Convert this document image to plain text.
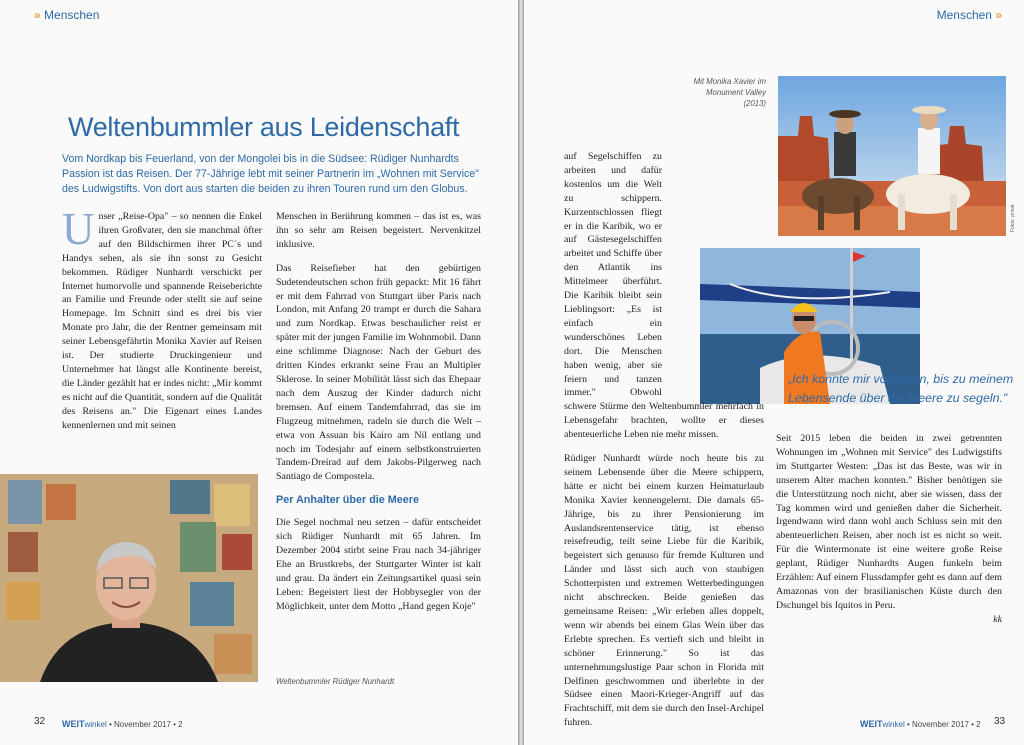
» Menschen
Weltenbummler aus Leidenschaft
Vom Nordkap bis Feuerland, von der Mongolei bis in die Südsee: Rüdiger Nunhardts Passion ist das Reisen. Der 77-Jährige lebt mit seiner Partnerin im „Wohnen mit Service" des Ludwigstifts. Von dort aus starten die beiden zu ihren Touren rund um den Globus.

Unser „Reise-Opa" – so nennen die Enkel ihren Großvater, den sie manchmal öfter auf den Bildschirmen ihrer PC´s und Handys sehen, als sie ihn sonst zu Gesicht bekommen. Rüdiger Nunhardt verschickt per Internet humorvolle und spannende Reiseberichte an Familie und Freunde oder stellt sie auf seine Homepage. Im Schnitt sind es drei bis vier Monate pro Jahr, die der Rentner gemeinsam mit seiner Lebensgefährtin Monika Xavier auf Reisen ist. Der studierte Druckingenieur und Unternehmer hat längst alle Kontinente bereist, die Länder gezählt hat er indes nicht: „Mir kommt es nicht auf die Quantität, sondern auf die Qualität des Reisens an." Die Eigenart eines Landes kennenlernen und mit seinen

Menschen in Berührung kommen – das ist es, was ihn so sehr am Reisen begeistert. Nervenkitzel inklusive.

Das Reisefieber hat den gebürtigen Sudetendeutschen schon früh gepackt: Mit 16 fährt er mit dem Fahrrad von Stuttgart über Paris nach London, mit Anfang 20 trampt er durch die Sahara und zum Nordkap. Etwas beschaulicher reist er später mit der jungen Familie im Wohnmobil. Dann eine schlimme Diagnose: Nach der Geburt des dritten Kindes erkrankt seine Frau an Multipler Sklerose. In seiner Mobilität lässt sich das Ehepaar nach dem Auszug der Kinder dadurch nicht bremsen. Auf einem Tandemfahrrad, das sie im Flugzeug mitnehmen, radeln sie durch die Welt – etwa von Assuan bis Kairo am Nil entlang und noch im Todesjahr auf einem selbstkonstruierten Tandem-Dreirad auf dem Jakobs-Pilgerweg nach Santiago de Compostela.

Per Anhalter über die Meere

Die Segel nochmal neu setzen – dafür entscheidet sich Rüdiger Nunhardt mit 65 Jahren. Im Dezember 2004 stirbt seine Frau nach 34-jähriger Ehe an Brustkrebs, der Stuttgarter Winter ist kalt und grau. Da ändert ein Zeitungsartikel quasi sein Leben: Begeistert liest der Hobbysegler von der Möglichkeit, unter dem Motto „Hand gegen Koje"

Weltenbummler Rüdiger Nunhardt
32 WEITwinkel • November 2017 • 2
Menschen »
Mit Monika Xavier im Monument Valley (2013)
Fotos: privat

auf Segelschiffen zu arbeiten und dafür kostenlos um die Welt zu schippern. Kurzentschlossen fliegt er in die Karibik, wo er auf Gästesegelschiffen arbeitet und Schiffe über den Atlantik ins Mittelmeer überführt. Die Karibik bleibt sein Lieblingsort: „Es ist einfach ein wunderschönes Leben dort. Die Menschen haben wenig, aber sie feiern und tanzen immer." Obwohl schwere Stürme den Weltenbummler mehrfach in Lebensgefahr brachten, wollte er dieses abenteuerliche Leben nie mehr missen.

Rüdiger Nunhardt würde noch heute bis zu seinem Lebensende über die Meere schippern, hätte er nicht bei einem kurzen Heimaturlaub Monika Xavier kennengelernt. Die damals 65-Jährige, bis zu ihrer Pensionierung im Auslandsrentenservice tätig, ist ebenso reisefreudig, teilt seine Liebe für die Karibik, begeistert sich genauso für fremde Kulturen und Länder und lässt sich auch von staubigen Schotterpisten und extremen Wetterbedingungen nicht abschrecken. Beide genießen das gemeinsame Reisen: „Wir erleben alles doppelt, wenn wir abends bei einem Glas Wein über das Erlebte sprechen. Es vertieft sich und bleibt in schöner Erinnerung." So ist das unternehmungslustige Paar schon in Florida mit Delfinen geschwommen und überlebte in der Südsee einen Maori-Krieger-Angriff auf das Frachtschiff, mit dem sie durch den Insel-Archipel fuhren.

„Ich konnte mir vorstellen, bis zu meinem Lebensende über die Meere zu segeln."

Seit 2015 leben die beiden in zwei getrennten Wohnungen im „Wohnen mit Service" des Ludwigstifts im Stuttgarter Westen: „Das ist das Beste, was wir in unserem Alter machen konnten." Bisher benötigen sie die Unterstützung noch nicht, aber sie wissen, dass der Tag kommen wird und genießen daher die Sicherheit. Irgendwann wird dann wohl auch Schluss sein mit den abenteuerlichen Reisen, aber noch ist es nicht so weit. Für die Wintermonate ist eine weitere große Reise geplant, Rüdiger Nunhardts Augen funkeln beim Erzählen: Auf einem Flussdampfer geht es dann auf dem Amazonas von der brasilianischen Küste durch den Dschungel bis Iquitos in Peru.

kk
WEITwinkel • November 2017 • 2 33
